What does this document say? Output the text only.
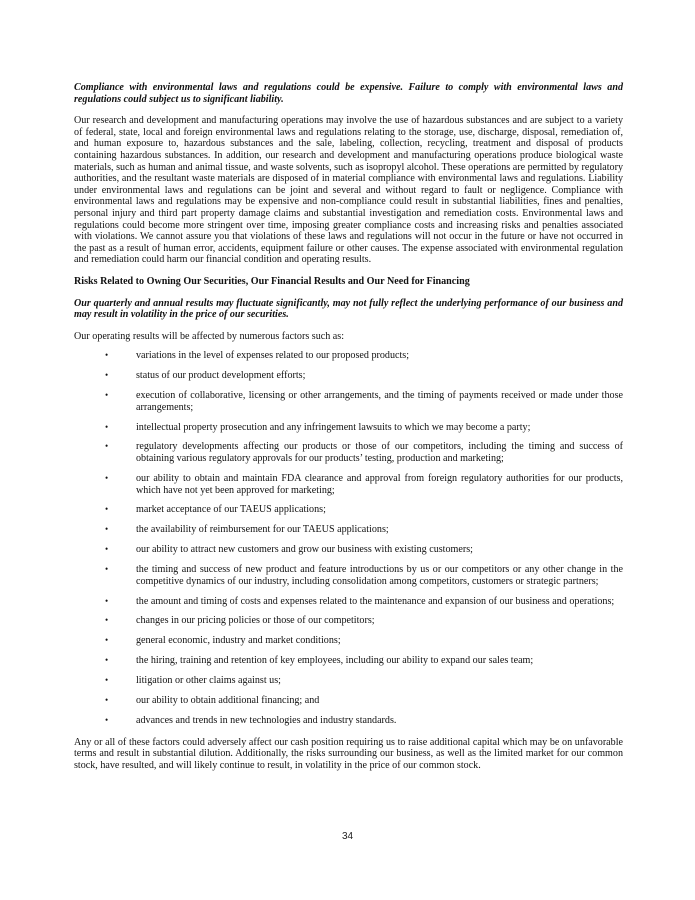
Compliance with environmental laws and regulations could be expensive. Failure to comply with environmental laws and regulations could subject us to significant liability.

Our research and development and manufacturing operations may involve the use of hazardous substances and are subject to a variety of federal, state, local and foreign environmental laws and regulations relating to the storage, use, discharge, disposal, remediation of, and human exposure to, hazardous substances and the sale, labeling, collection, recycling, treatment and disposal of products containing hazardous substances. In addition, our research and development and manufacturing operations produce biological waste materials, such as human and animal tissue, and waste solvents, such as isopropyl alcohol. These operations are permitted by regulatory authorities, and the resultant waste materials are disposed of in material compliance with environmental laws and regulations. Liability under environmental laws and regulations can be joint and several and without regard to fault or negligence. Compliance with environmental laws and regulations may be expensive and non-compliance could result in substantial liabilities, fines and penalties, personal injury and third part property damage claims and substantial investigation and remediation costs. Environmental laws and regulations could become more stringent over time, imposing greater compliance costs and increasing risks and penalties associated with violations. We cannot assure you that violations of these laws and regulations will not occur in the future or have not occurred in the past as a result of human error, accidents, equipment failure or other causes. The expense associated with environmental regulation and remediation could harm our financial condition and operating results.

Risks Related to Owning Our Securities, Our Financial Results and Our Need for Financing

Our quarterly and annual results may fluctuate significantly, may not fully reflect the underlying performance of our business and may result in volatility in the price of our securities.

Our operating results will be affected by numerous factors such as:

•	variations in the level of expenses related to our proposed products;
•	status of our product development efforts;
•	execution of collaborative, licensing or other arrangements, and the timing of payments received or made under those arrangements;
•	intellectual property prosecution and any infringement lawsuits to which we may become a party;
•	regulatory developments affecting our products or those of our competitors, including the timing and success of obtaining various regulatory approvals for our products’ testing, production and marketing;
•	our ability to obtain and maintain FDA clearance and approval from foreign regulatory authorities for our products, which have not yet been approved for marketing;
•	market acceptance of our TAEUS applications;
•	the availability of reimbursement for our TAEUS applications;
•	our ability to attract new customers and grow our business with existing customers;
•	the timing and success of new product and feature introductions by us or our competitors or any other change in the competitive dynamics of our industry, including consolidation among competitors, customers or strategic partners;
•	the amount and timing of costs and expenses related to the maintenance and expansion of our business and operations;
•	changes in our pricing policies or those of our competitors;
•	general economic, industry and market conditions;
•	the hiring, training and retention of key employees, including our ability to expand our sales team;
•	litigation or other claims against us;
•	our ability to obtain additional financing; and
•	advances and trends in new technologies and industry standards.

Any or all of these factors could adversely affect our cash position requiring us to raise additional capital which may be on unfavorable terms and result in substantial dilution. Additionally, the risks surrounding our business, as well as the limited market for our common stock, have resulted, and will likely continue to result, in volatility in the price of our common stock.

34
